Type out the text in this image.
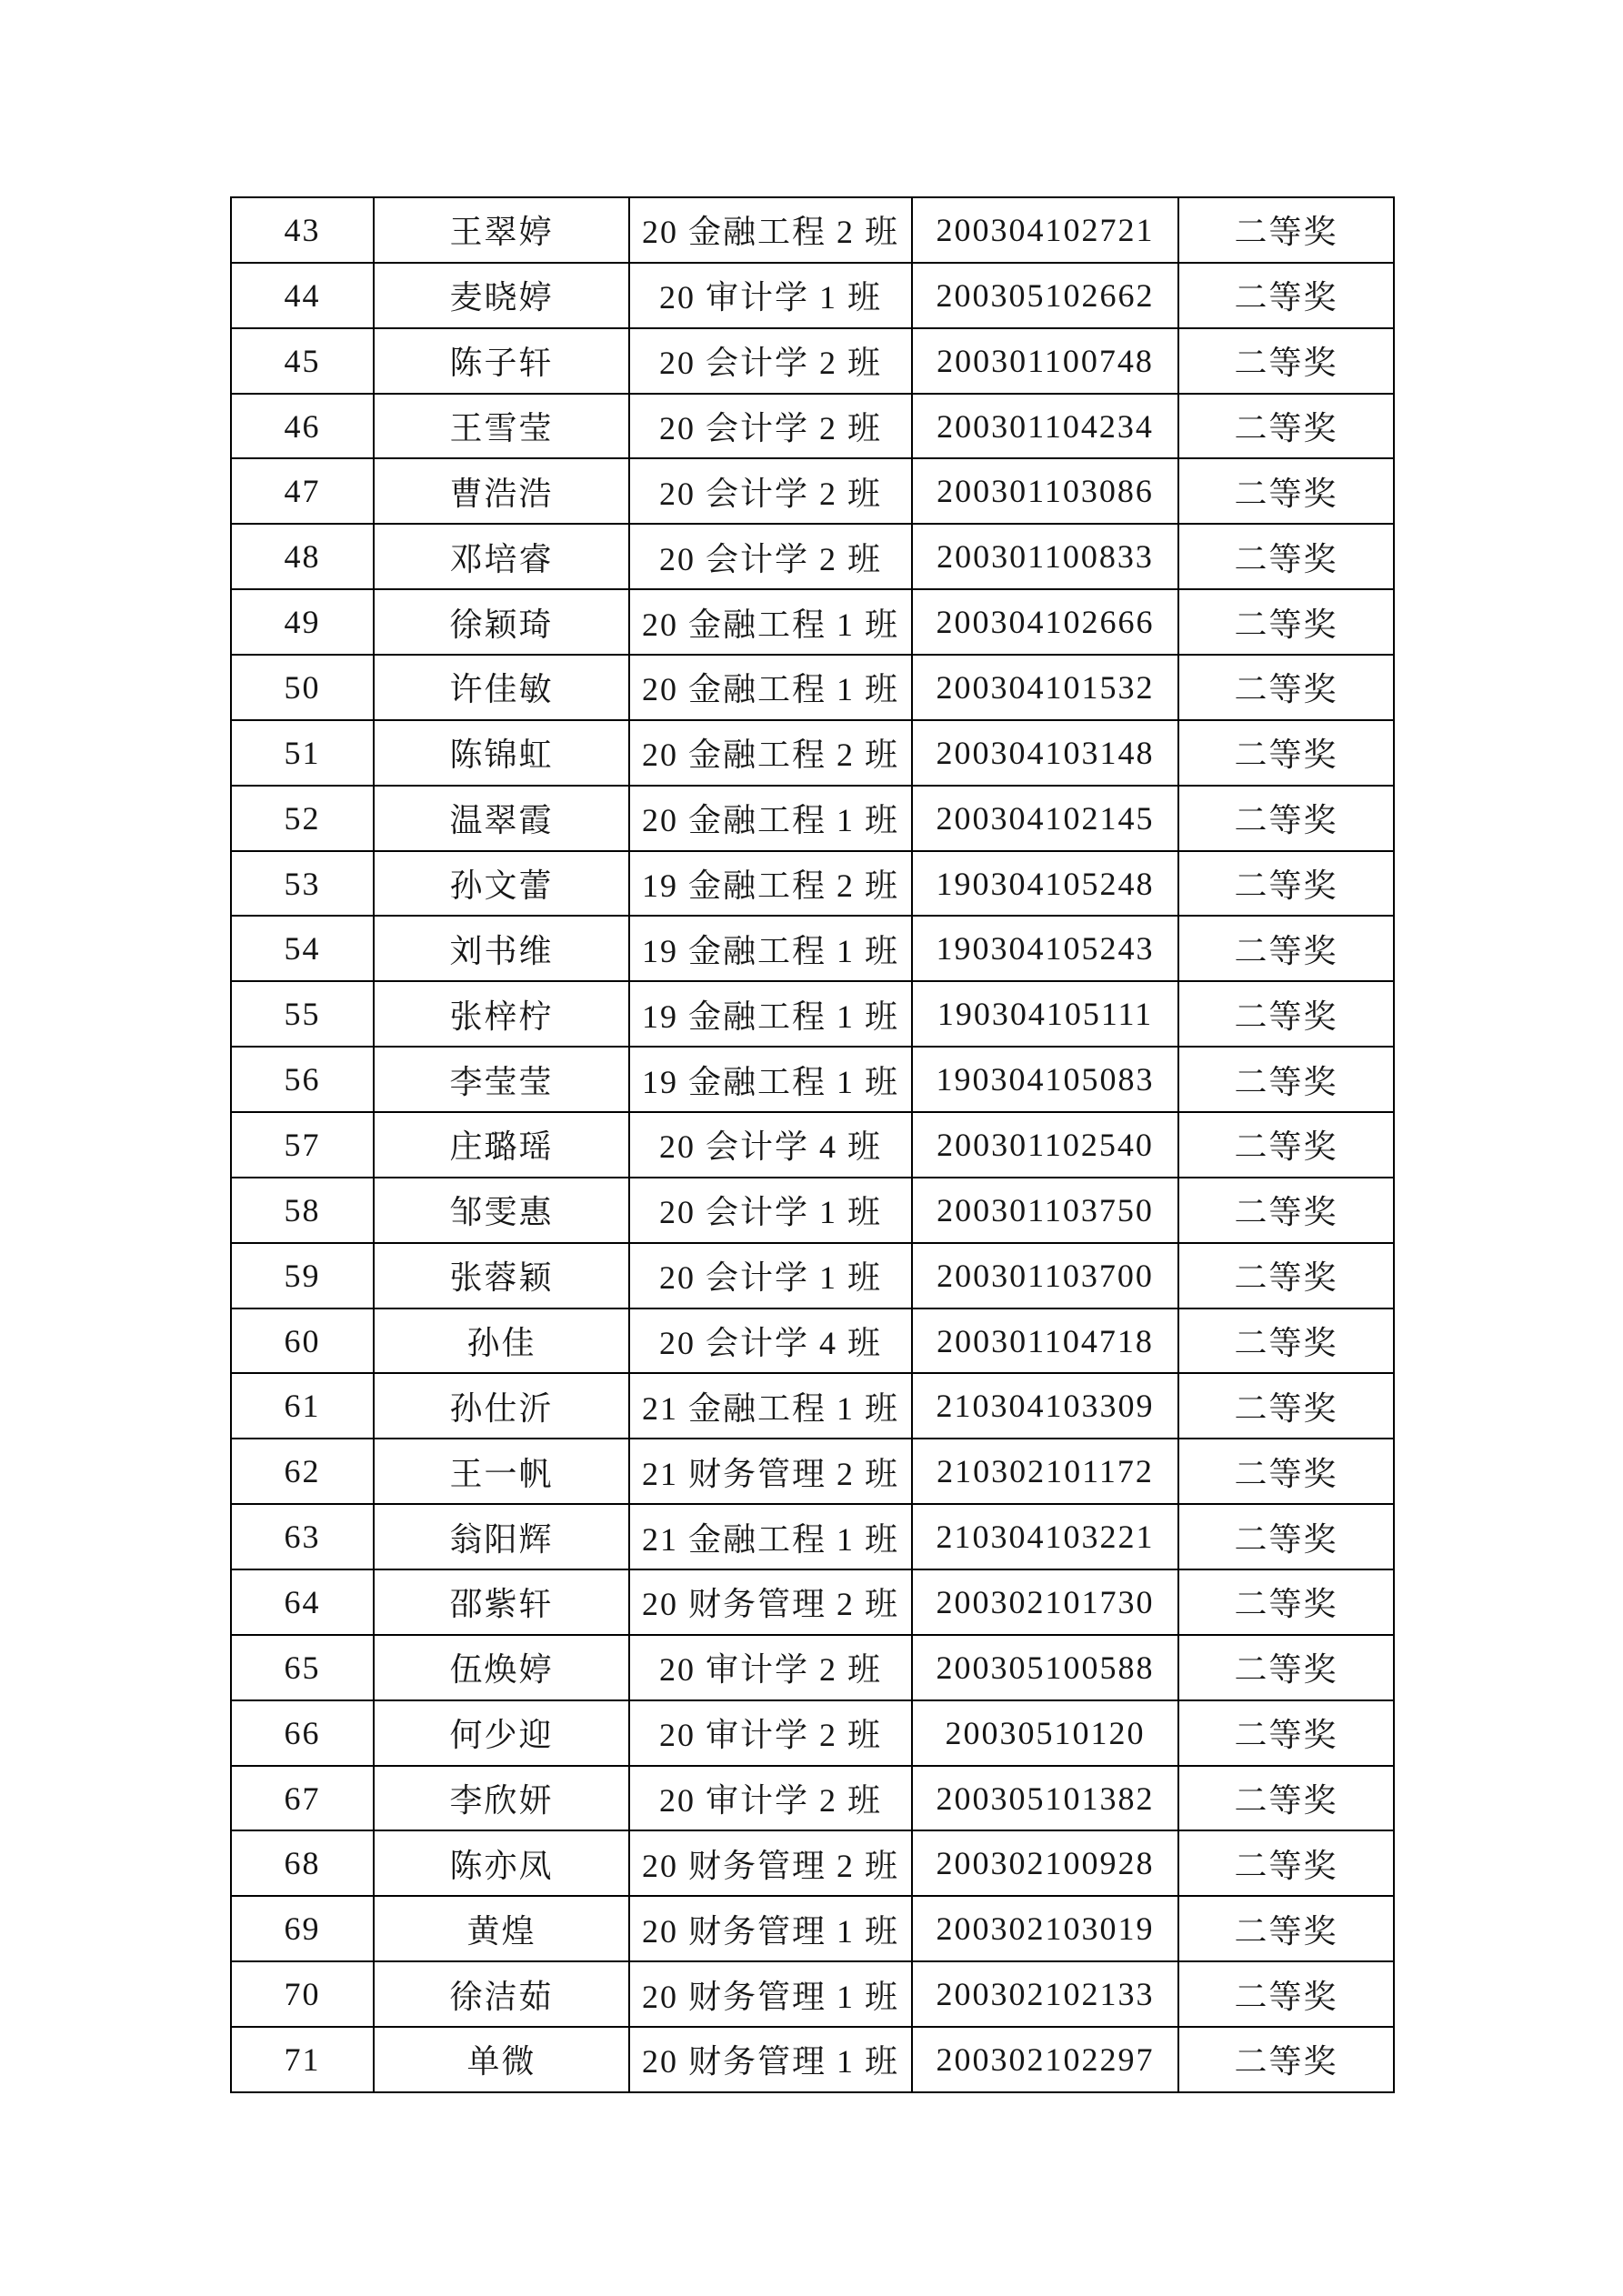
43	王翠婷	20 金融工程 2 班	200304102721	二等奖
44	麦晓婷	20 审计学 1 班	200305102662	二等奖
45	陈子轩	20 会计学 2 班	200301100748	二等奖
46	王雪莹	20 会计学 2 班	200301104234	二等奖
47	曹浩浩	20 会计学 2 班	200301103086	二等奖
48	邓培睿	20 会计学 2 班	200301100833	二等奖
49	徐颖琦	20 金融工程 1 班	200304102666	二等奖
50	许佳敏	20 金融工程 1 班	200304101532	二等奖
51	陈锦虹	20 金融工程 2 班	200304103148	二等奖
52	温翠霞	20 金融工程 1 班	200304102145	二等奖
53	孙文蕾	19 金融工程 2 班	190304105248	二等奖
54	刘书维	19 金融工程 1 班	190304105243	二等奖
55	张梓柠	19 金融工程 1 班	190304105111	二等奖
56	李莹莹	19 金融工程 1 班	190304105083	二等奖
57	庄璐瑶	20 会计学 4 班	200301102540	二等奖
58	邹雯惠	20 会计学 1 班	200301103750	二等奖
59	张蓉颖	20 会计学 1 班	200301103700	二等奖
60	孙佳	20 会计学 4 班	200301104718	二等奖
61	孙仕沂	21 金融工程 1 班	210304103309	二等奖
62	王一帆	21 财务管理 2 班	210302101172	二等奖
63	翁阳辉	21 金融工程 1 班	210304103221	二等奖
64	邵紫轩	20 财务管理 2 班	200302101730	二等奖
65	伍焕婷	20 审计学 2 班	200305100588	二等奖
66	何少迎	20 审计学 2 班	20030510120	二等奖
67	李欣妍	20 审计学 2 班	200305101382	二等奖
68	陈亦凤	20 财务管理 2 班	200302100928	二等奖
69	黄煌	20 财务管理 1 班	200302103019	二等奖
70	徐洁茹	20 财务管理 1 班	200302102133	二等奖
71	单微	20 财务管理 1 班	200302102297	二等奖
